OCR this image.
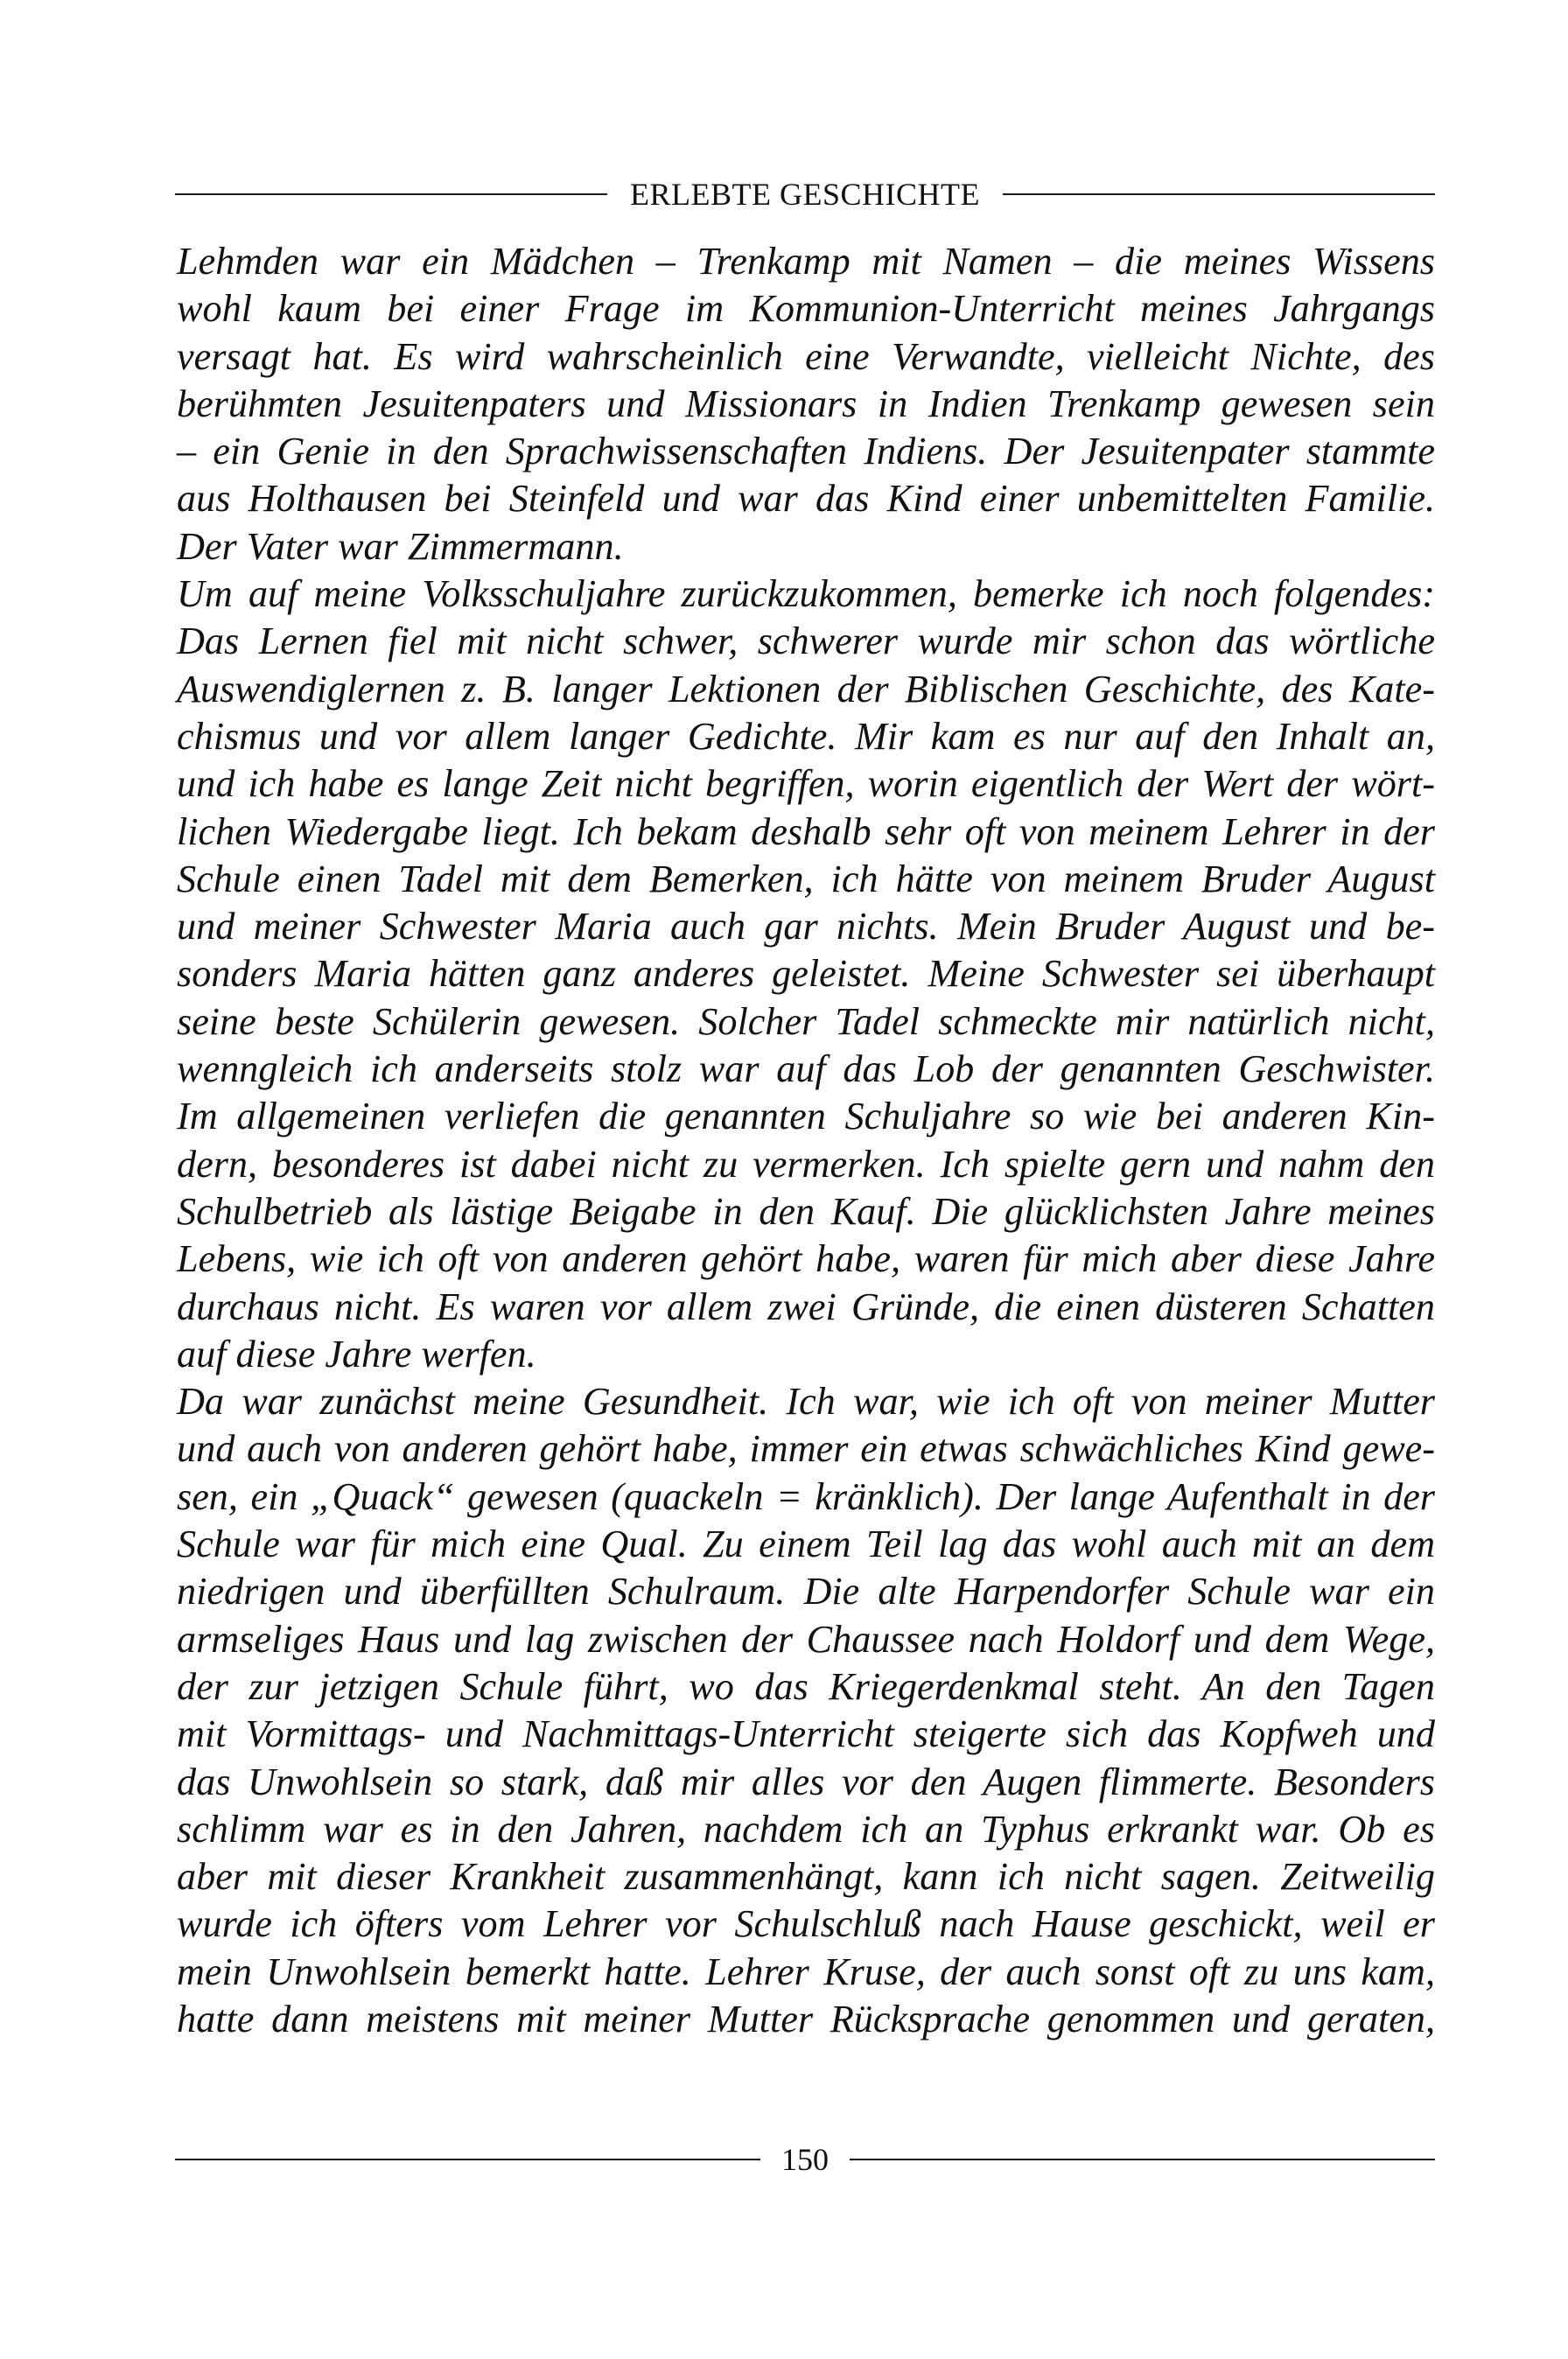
ERLEBTE GESCHICHTE
Lehmden war ein Mädchen – Trenkamp mit Namen – die meines Wissens
wohl kaum bei einer Frage im Kommunion-Unterricht meines Jahrgangs
versagt hat. Es wird wahrscheinlich eine Verwandte, vielleicht Nichte, des
berühmten Jesuitenpaters und Missionars in Indien Trenkamp gewesen sein
– ein Genie in den Sprachwissenschaften Indiens. Der Jesuitenpater stammte
aus Holthausen bei Steinfeld und war das Kind einer unbemittelten Familie.
Der Vater war Zimmermann.
Um auf meine Volksschuljahre zurückzukommen, bemerke ich noch folgendes:
Das Lernen fiel mit nicht schwer, schwerer wurde mir schon das wörtliche
Auswendiglernen z. B. langer Lektionen der Biblischen Geschichte, des Kate-
chismus und vor allem langer Gedichte. Mir kam es nur auf den Inhalt an,
und ich habe es lange Zeit nicht begriffen, worin eigentlich der Wert der wört-
lichen Wiedergabe liegt. Ich bekam deshalb sehr oft von meinem Lehrer in der
Schule einen Tadel mit dem Bemerken, ich hätte von meinem Bruder August
und meiner Schwester Maria auch gar nichts. Mein Bruder August und be-
sonders Maria hätten ganz anderes geleistet. Meine Schwester sei überhaupt
seine beste Schülerin gewesen. Solcher Tadel schmeckte mir natürlich nicht,
wenngleich ich anderseits stolz war auf das Lob der genannten Geschwister.
Im allgemeinen verliefen die genannten Schuljahre so wie bei anderen Kin-
dern, besonderes ist dabei nicht zu vermerken. Ich spielte gern und nahm den
Schulbetrieb als lästige Beigabe in den Kauf. Die glücklichsten Jahre meines
Lebens, wie ich oft von anderen gehört habe, waren für mich aber diese Jahre
durchaus nicht. Es waren vor allem zwei Gründe, die einen düsteren Schatten
auf diese Jahre werfen.
Da war zunächst meine Gesundheit. Ich war, wie ich oft von meiner Mutter
und auch von anderen gehört habe, immer ein etwas schwächliches Kind gewe-
sen, ein „Quack“ gewesen (quackeln = kränklich). Der lange Aufenthalt in der
Schule war für mich eine Qual. Zu einem Teil lag das wohl auch mit an dem
niedrigen und überfüllten Schulraum. Die alte Harpendorfer Schule war ein
armseliges Haus und lag zwischen der Chaussee nach Holdorf und dem Wege,
der zur jetzigen Schule führt, wo das Kriegerdenkmal steht. An den Tagen
mit Vormittags- und Nachmittags-Unterricht steigerte sich das Kopfweh und
das Unwohlsein so stark, daß mir alles vor den Augen flimmerte. Besonders
schlimm war es in den Jahren, nachdem ich an Typhus erkrankt war. Ob es
aber mit dieser Krankheit zusammenhängt, kann ich nicht sagen. Zeitweilig
wurde ich öfters vom Lehrer vor Schulschluß nach Hause geschickt, weil er
mein Unwohlsein bemerkt hatte. Lehrer Kruse, der auch sonst oft zu uns kam,
hatte dann meistens mit meiner Mutter Rücksprache genommen und geraten,
150
